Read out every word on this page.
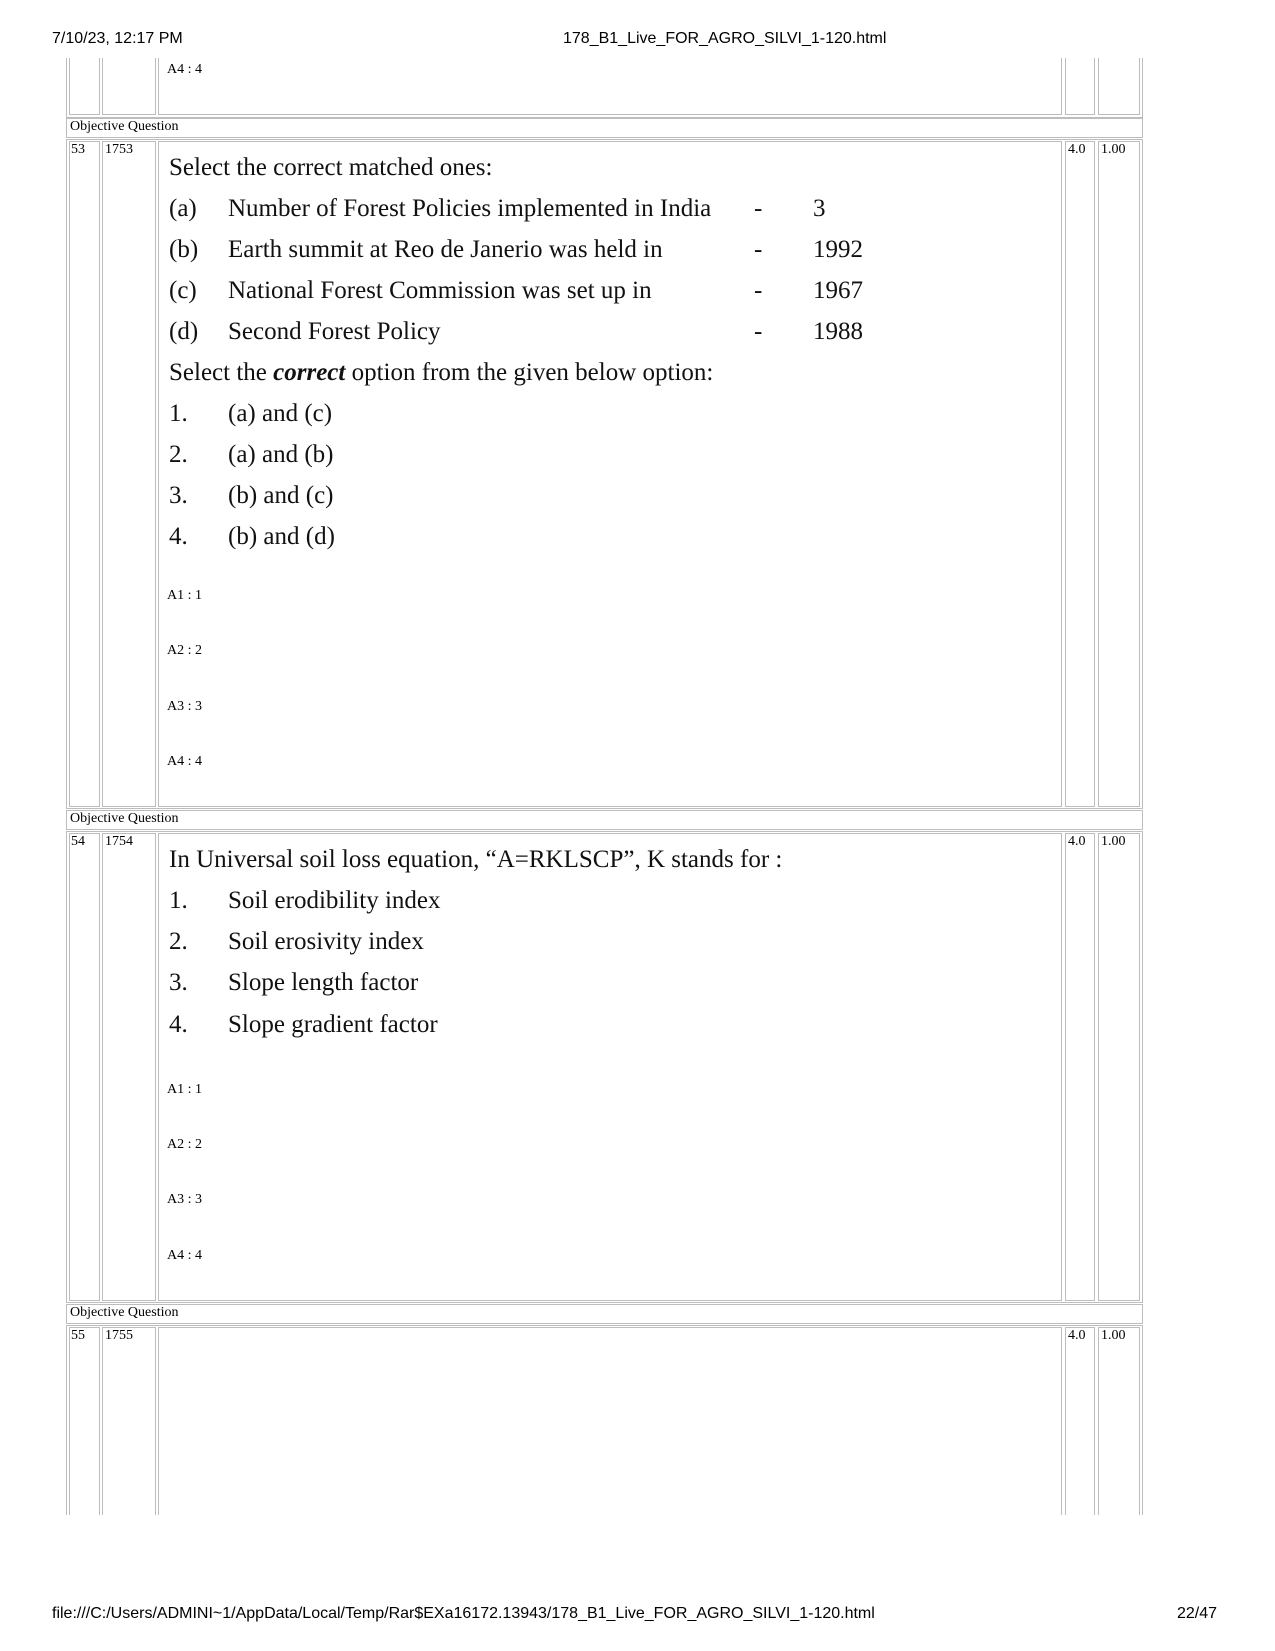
7/10/23, 12:17 PM	178_B1_Live_FOR_AGRO_SILVI_1-120.html
file:///C:/Users/ADMINI~1/AppData/Local/Temp/Rar$EXa16172.13943/178_B1_Live_FOR_AGRO_SILVI_1-120.html	22/47
A4 : 4
Objective Question
53 1753	4.0 1.00
Select the correct matched ones:
(a) Number of Forest Policies implemented in India - 3
(b) Earth summit at Reo de Janerio was held in	- 1992
(c) National Forest Commission was set up in	- 1967
(d) Second Forest Policy	- 1988
Select the correct option from the given below option:
1. (a) and (c)
2. (a) and (b)
3. (b) and (c)
4. (b) and (d)
A1 : 1
A2 : 2
A3 : 3
A4 : 4
Objective Question
54 1754	4.0 1.00
In Universal soil loss equation, “A=RKLSCP”, K stands for :
1. Soil erodibility index
2. Soil erosivity index
3. Slope length factor
4. Slope gradient factor
A1 : 1
A2 : 2
A3 : 3
A4 : 4
Objective Question
55 1755	4.0 1.00
